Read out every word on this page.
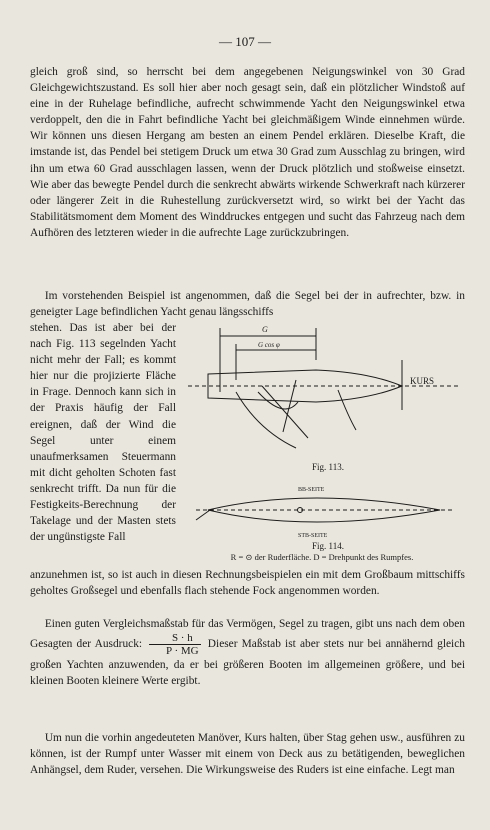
— 107 —

gleich groß sind, so herrscht bei dem angegebenen Neigungswinkel von 30 Grad Gleichgewichtszustand. Es soll hier aber noch gesagt sein, daß ein plötzlicher Windstoß auf eine in der Ruhelage befindliche, aufrecht schwimmende Yacht den Neigungswinkel etwa verdoppelt, den die in Fahrt befindliche Yacht bei gleichmäßigem Winde einnehmen würde. Wir können uns diesen Hergang am besten an einem Pendel erklären. Dieselbe Kraft, die imstande ist, das Pendel bei stetigem Druck um etwa 30 Grad zum Ausschlag zu bringen, wird ihn um etwa 60 Grad ausschlagen lassen, wenn der Druck plötzlich und stoßweise einsetzt. Wie aber das bewegte Pendel durch die senkrecht abwärts wirkende Schwerkraft nach kürzerer oder längerer Zeit in die Ruhestellung zurückversetzt wird, so wirkt bei der Yacht das Stabilitätsmoment dem Moment des Winddruckes entgegen und sucht das Fahrzeug nach dem Aufhören des letzteren wieder in die aufrechte Lage zurückzubringen.

Im vorstehenden Beispiel ist angenommen, daß die Segel bei der in aufrechter, bzw. in geneigter Lage befindlichen Yacht genau längsschiffs

stehen. Das ist aber bei der nach Fig. 113 segelnden Yacht nicht mehr der Fall; es kommt hier nur die projizierte Fläche in Frage. Dennoch kann sich in der Praxis häufig der Fall ereignen, daß der Wind die Segel unter einem unaufmerksamen Steuermann mit dicht geholten Schoten fast senkrecht trifft. Da nun für die Festigkeits-Berechnung der Takelage und der Masten stets der ungünstigste Fall

G
G cos φ
KURS
Fig. 113.
BB-SEITE
STB-SEITE
Fig. 114.
R = ⊙ der Ruderfläche. D = Drehpunkt des Rumpfes.

anzunehmen ist, so ist auch in diesen Rechnungsbeispielen ein mit dem Großbaum mittschiffs geholtes Großsegel und ebenfalls flach stehende Fock angenommen worden.

Einen guten Vergleichsmaßstab für das Vermögen, Segel zu tragen, gibt uns nach dem oben Gesagten der Ausdruck: $\frac{S \cdot h}{P \cdot MG}$ Dieser Maßstab ist aber stets nur bei annähernd gleich großen Yachten anzuwenden, da er bei größeren Booten im allgemeinen größere, und bei kleinen Booten kleinere Werte ergibt.

Um nun die vorhin angedeuteten Manöver, Kurs halten, über Stag gehen usw., ausführen zu können, ist der Rumpf unter Wasser mit einem von Deck aus zu betätigenden, beweglichen Anhängsel, dem Ruder, versehen. Die Wirkungsweise des Ruders ist eine einfache. Legt man
